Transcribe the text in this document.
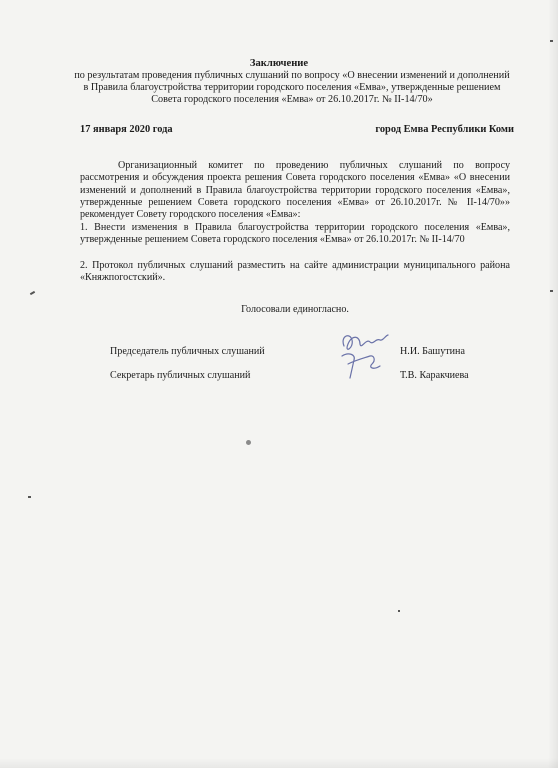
Заключение
по результатам проведения публичных слушаний по вопросу «О внесении изменений и дополнений в Правила благоустройства территории городского поселения «Емва», утвержденные решением Совета городского поселения «Емва» от 26.10.2017г. № II-14/70»
17 января 2020 года	город Емва Республики Коми
Организационный комитет по проведению публичных слушаний по вопросу рассмотрения и обсуждения проекта решения Совета городского поселения «Емва» «О внесении изменений и дополнений в Правила благоустройства территории городского поселения «Емва», утвержденные решением Совета городского поселения «Емва» от 26.10.2017г. № II-14/70»» рекомендует Совету городского поселения «Емва»:
1. Внести изменения в Правила благоустройства территории городского поселения «Емва», утвержденные решением Совета городского поселения «Емва» от 26.10.2017г. № II-14/70
2. Протокол публичных слушаний разместить на сайте администрации муниципального района «Княжпогостский».
Голосовали единогласно.
Председатель публичных слушаний	Н.И. Башутина
Секретарь публичных слушаний	Т.В. Каракчиева
